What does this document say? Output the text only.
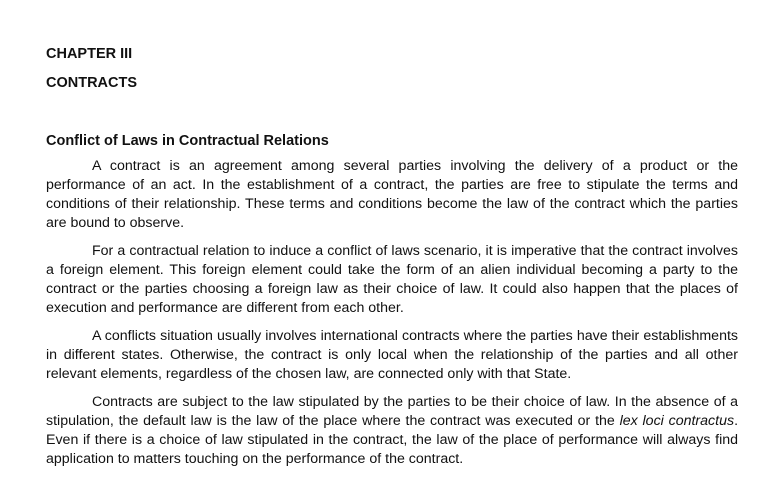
CHAPTER III
CONTRACTS
Conflict of Laws in Contractual Relations

A contract is an agreement among several parties involving the delivery of a product or the performance of an act. In the establishment of a contract, the parties are free to stipulate the terms and conditions of their relationship. These terms and conditions become the law of the contract which the parties are bound to observe.

For a contractual relation to induce a conflict of laws scenario, it is imperative that the contract involves a foreign element. This foreign element could take the form of an alien individual becoming a party to the contract or the parties choosing a foreign law as their choice of law. It could also happen that the places of execution and performance are different from each other.

A conflicts situation usually involves international contracts where the parties have their establishments in different states. Otherwise, the contract is only local when the relationship of the parties and all other relevant elements, regardless of the chosen law, are connected only with that State.

Contracts are subject to the law stipulated by the parties to be their choice of law. In the absence of a stipulation, the default law is the law of the place where the contract was executed or the lex loci contractus. Even if there is a choice of law stipulated in the contract, the law of the place of performance will always find application to matters touching on the performance of the contract.
